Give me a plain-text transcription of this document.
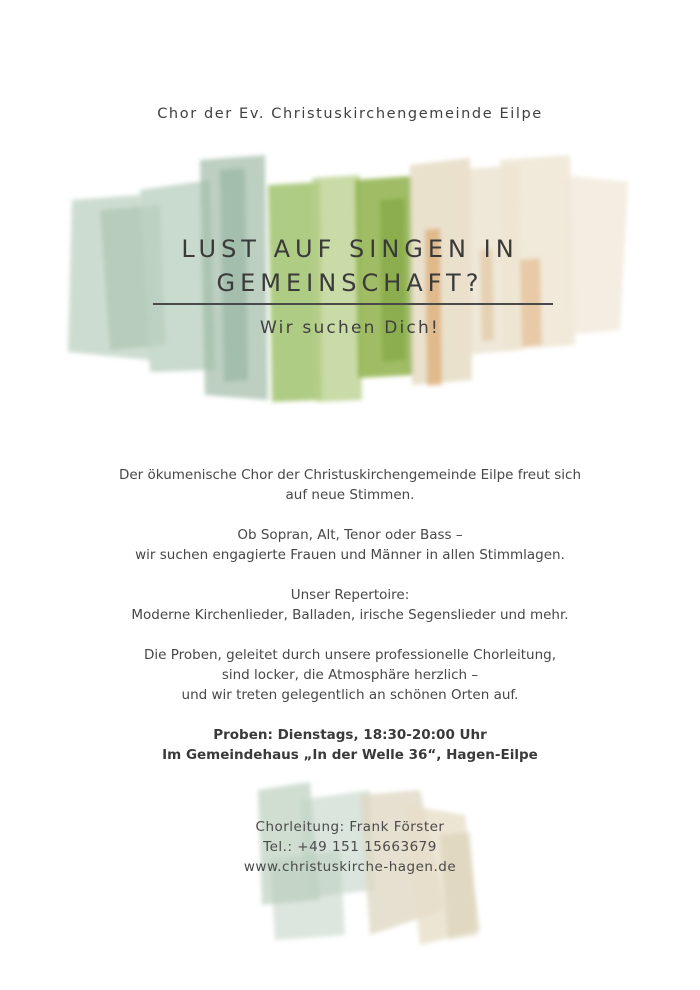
Chor der Ev. Christuskirchengemeinde Eilpe
LUST AUF SINGEN IN
GEMEINSCHAFT?
Wir suchen Dich!
Der ökumenische Chor der Christuskirchengemeinde Eilpe freut sich
auf neue Stimmen.
Ob Sopran, Alt, Tenor oder Bass –
wir suchen engagierte Frauen und Männer in allen Stimmlagen.
Unser Repertoire:
Moderne Kirchenlieder, Balladen, irische Segenslieder und mehr.
Die Proben, geleitet durch unsere professionelle Chorleitung,
sind locker, die Atmosphäre herzlich –
und wir treten gelegentlich an schönen Orten auf.
Proben: Dienstags, 18:30-20:00 Uhr
Im Gemeindehaus „In der Welle 36“, Hagen-Eilpe
Chorleitung: Frank Förster
Tel.: +49 151 15663679
www.christuskirche-hagen.de
